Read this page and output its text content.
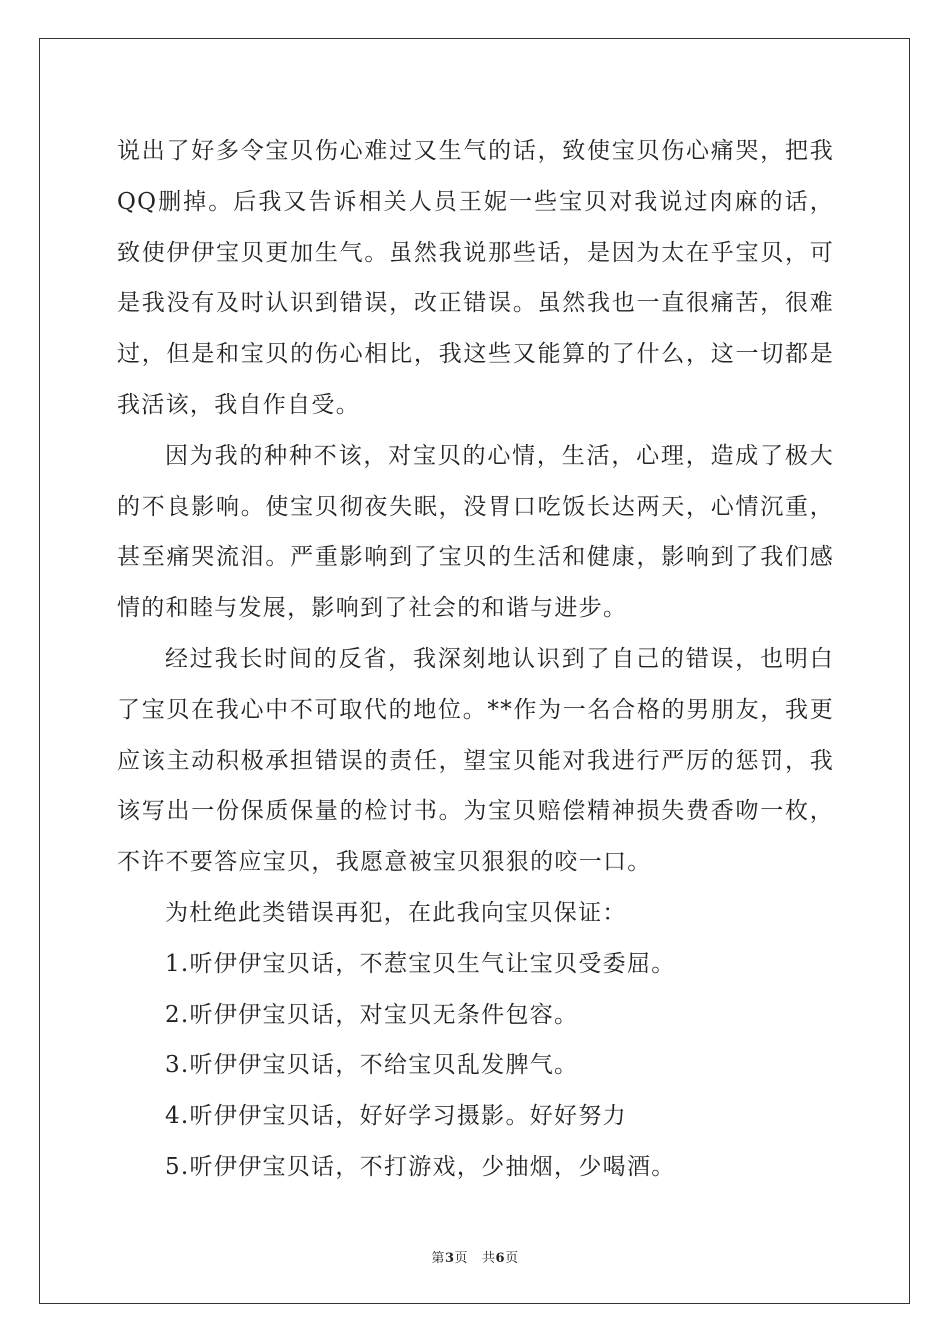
说出了好多令宝贝伤心难过又生气的话，致使宝贝伤心痛哭，把我QQ删掉。后我又告诉相关人员王妮一些宝贝对我说过肉麻的话，致使伊伊宝贝更加生气。虽然我说那些话，是因为太在乎宝贝，可是我没有及时认识到错误，改正错误。虽然我也一直很痛苦，很难过，但是和宝贝的伤心相比，我这些又能算的了什么，这一切都是我活该，我自作自受。

因为我的种种不该，对宝贝的心情，生活，心理，造成了极大的不良影响。使宝贝彻夜失眠，没胃口吃饭长达两天，心情沉重，甚至痛哭流泪。严重影响到了宝贝的生活和健康，影响到了我们感情的和睦与发展，影响到了社会的和谐与进步。

经过我长时间的反省，我深刻地认识到了自己的错误，也明白了宝贝在我心中不可取代的地位。**作为一名合格的男朋友，我更应该主动积极承担错误的责任，望宝贝能对我进行严厉的惩罚，我该写出一份保质保量的检讨书。为宝贝赔偿精神损失费香吻一枚，不许不要答应宝贝，我愿意被宝贝狠狠的咬一口。

为杜绝此类错误再犯，在此我向宝贝保证：

1.听伊伊宝贝话，不惹宝贝生气让宝贝受委屈。

2.听伊伊宝贝话，对宝贝无条件包容。

3.听伊伊宝贝话，不给宝贝乱发脾气。

4.听伊伊宝贝话，好好学习摄影。好好努力

5.听伊伊宝贝话，不打游戏，少抽烟，少喝酒。

第3页 共6页
